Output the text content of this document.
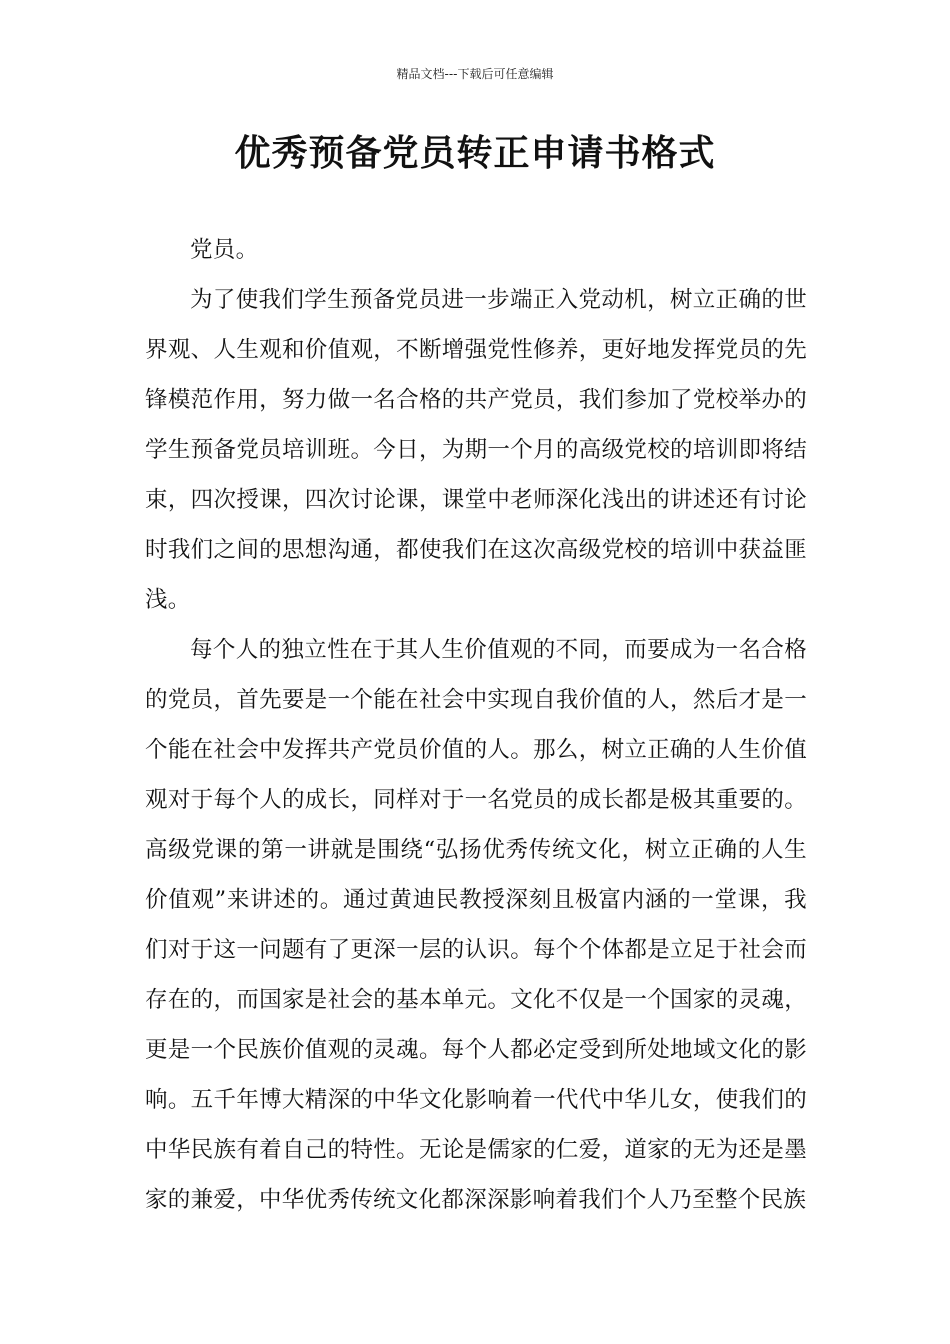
精品文档---下载后可任意编辑
优秀预备党员转正申请书格式

党员。

为了使我们学生预备党员进一步端正入党动机，树立正确的世界观、人生观和价值观，不断增强党性修养，更好地发挥党员的先锋模范作用，努力做一名合格的共产党员，我们参加了党校举办的学生预备党员培训班。今日，为期一个月的高级党校的培训即将结束，四次授课，四次讨论课，课堂中老师深化浅出的讲述还有讨论时我们之间的思想沟通，都使我们在这次高级党校的培训中获益匪浅。

每个人的独立性在于其人生价值观的不同，而要成为一名合格的党员，首先要是一个能在社会中实现自我价值的人，然后才是一个能在社会中发挥共产党员价值的人。那么，树立正确的人生价值观对于每个人的成长，同样对于一名党员的成长都是极其重要的。高级党课的第一讲就是围绕“弘扬优秀传统文化，树立正确的人生价值观”来讲述的。通过黄迪民教授深刻且极富内涵的一堂课，我们对于这一问题有了更深一层的认识。每个个体都是立足于社会而存在的，而国家是社会的基本单元。文化不仅是一个国家的灵魂，更是一个民族价值观的灵魂。每个人都必定受到所处地域文化的影响。五千年博大精深的中华文化影响着一代代中华儿女，使我们的中华民族有着自己的特性。无论是儒家的仁爱，道家的无为还是墨家的兼爱，中华优秀传统文化都深深影响着我们个人乃至整个民族
